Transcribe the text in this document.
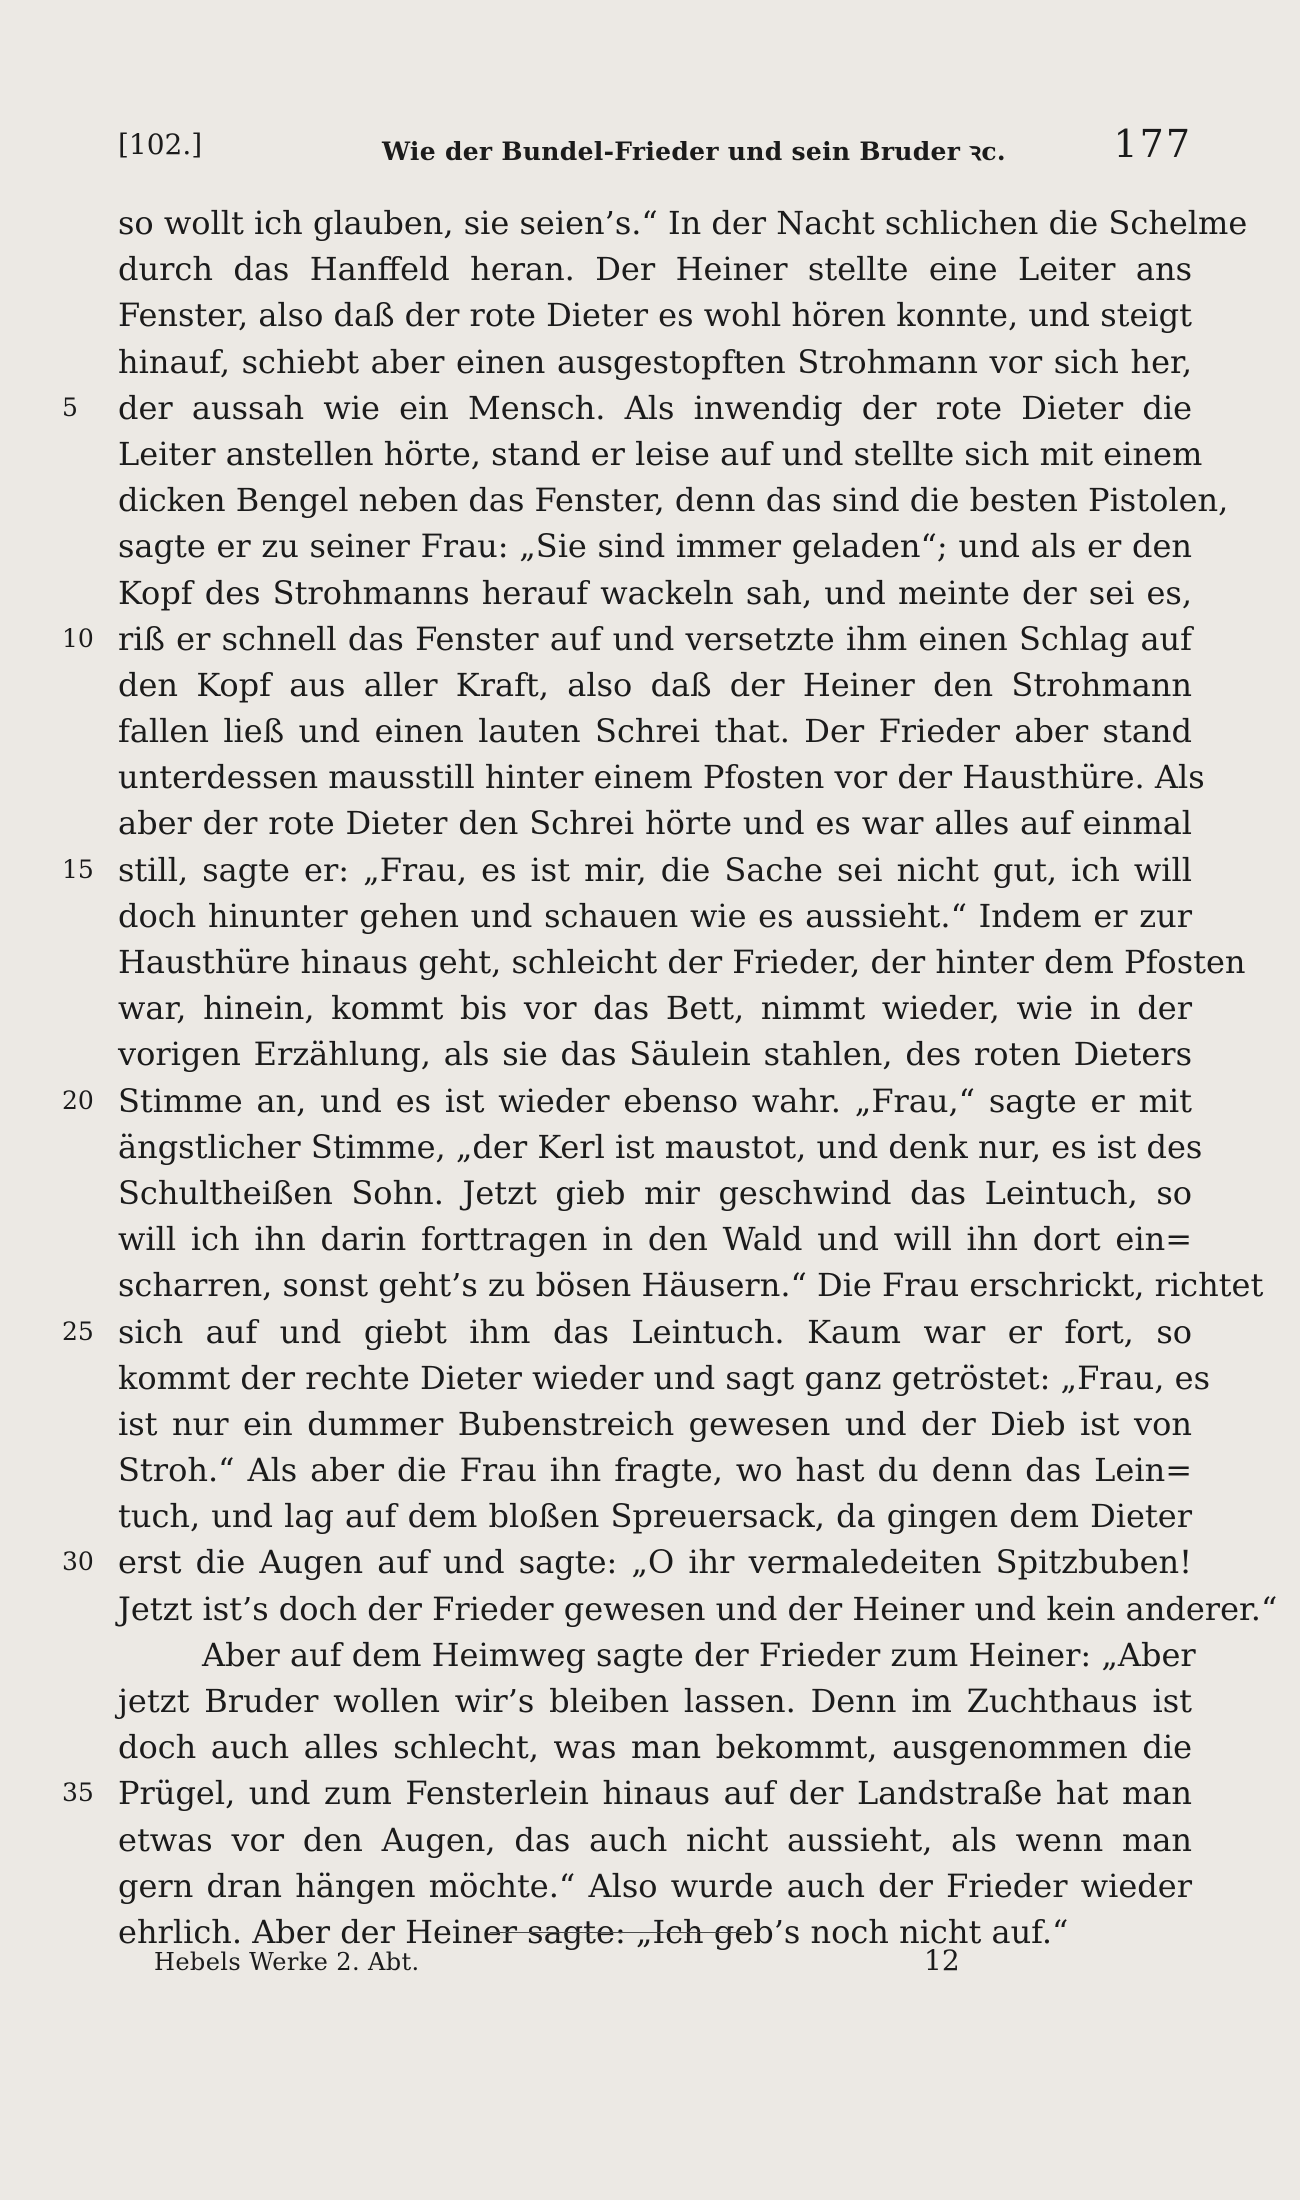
[102.]	Wie der Bundel-Frieder und sein Bruder ꝛc.	177
so wollt ich glauben, sie seien’s.“ In der Nacht schlichen die Schelme
durch das Hanffeld heran. Der Heiner stellte eine Leiter ans
Fenster, also daß der rote Dieter es wohl hören konnte, und steigt
hinauf, schiebt aber einen ausgestopften Strohmann vor sich her,
5	der aussah wie ein Mensch. Als inwendig der rote Dieter die
Leiter anstellen hörte, stand er leise auf und stellte sich mit einem
dicken Bengel neben das Fenster, denn das sind die besten Pistolen,
sagte er zu seiner Frau: „Sie sind immer geladen“; und als er den
Kopf des Strohmanns herauf wackeln sah, und meinte der sei es,
10 riß er schnell das Fenster auf und versetzte ihm einen Schlag auf
den Kopf aus aller Kraft, also daß der Heiner den Strohmann
fallen ließ und einen lauten Schrei that. Der Frieder aber stand
unterdessen mausstill hinter einem Pfosten vor der Hausthüre. Als
aber der rote Dieter den Schrei hörte und es war alles auf einmal
15 still, sagte er: „Frau, es ist mir, die Sache sei nicht gut, ich will
doch hinunter gehen und schauen wie es aussieht.“ Indem er zur
Hausthüre hinaus geht, schleicht der Frieder, der hinter dem Pfosten
war, hinein, kommt bis vor das Bett, nimmt wieder, wie in der
vorigen Erzählung, als sie das Säulein stahlen, des roten Dieters
20 Stimme an, und es ist wieder ebenso wahr. „Frau,“ sagte er mit
ängstlicher Stimme, „der Kerl ist maustot, und denk nur, es ist des
Schultheißen Sohn. Jetzt gieb mir geschwind das Leintuch, so
will ich ihn darin forttragen in den Wald und will ihn dort ein=
scharren, sonst geht’s zu bösen Häusern.“ Die Frau erschrickt, richtet
25 sich auf und giebt ihm das Leintuch. Kaum war er fort, so
kommt der rechte Dieter wieder und sagt ganz getröstet: „Frau, es
ist nur ein dummer Bubenstreich gewesen und der Dieb ist von
Stroh.“ Als aber die Frau ihn fragte, wo hast du denn das Lein=
tuch, und lag auf dem bloßen Spreuersack, da gingen dem Dieter
30 erst die Augen auf und sagte: „O ihr vermaledeiten Spitzbuben!
Jetzt ist’s doch der Frieder gewesen und der Heiner und kein anderer.“
Aber auf dem Heimweg sagte der Frieder zum Heiner: „Aber
jetzt Bruder wollen wir’s bleiben lassen. Denn im Zuchthaus ist
doch auch alles schlecht, was man bekommt, ausgenommen die
35 Prügel, und zum Fensterlein hinaus auf der Landstraße hat man
etwas vor den Augen, das auch nicht aussieht, als wenn man
gern dran hängen möchte.“ Also wurde auch der Frieder wieder
ehrlich. Aber der Heiner sagte: „Ich geb’s noch nicht auf.“
Hebels Werke 2. Abt.	12
